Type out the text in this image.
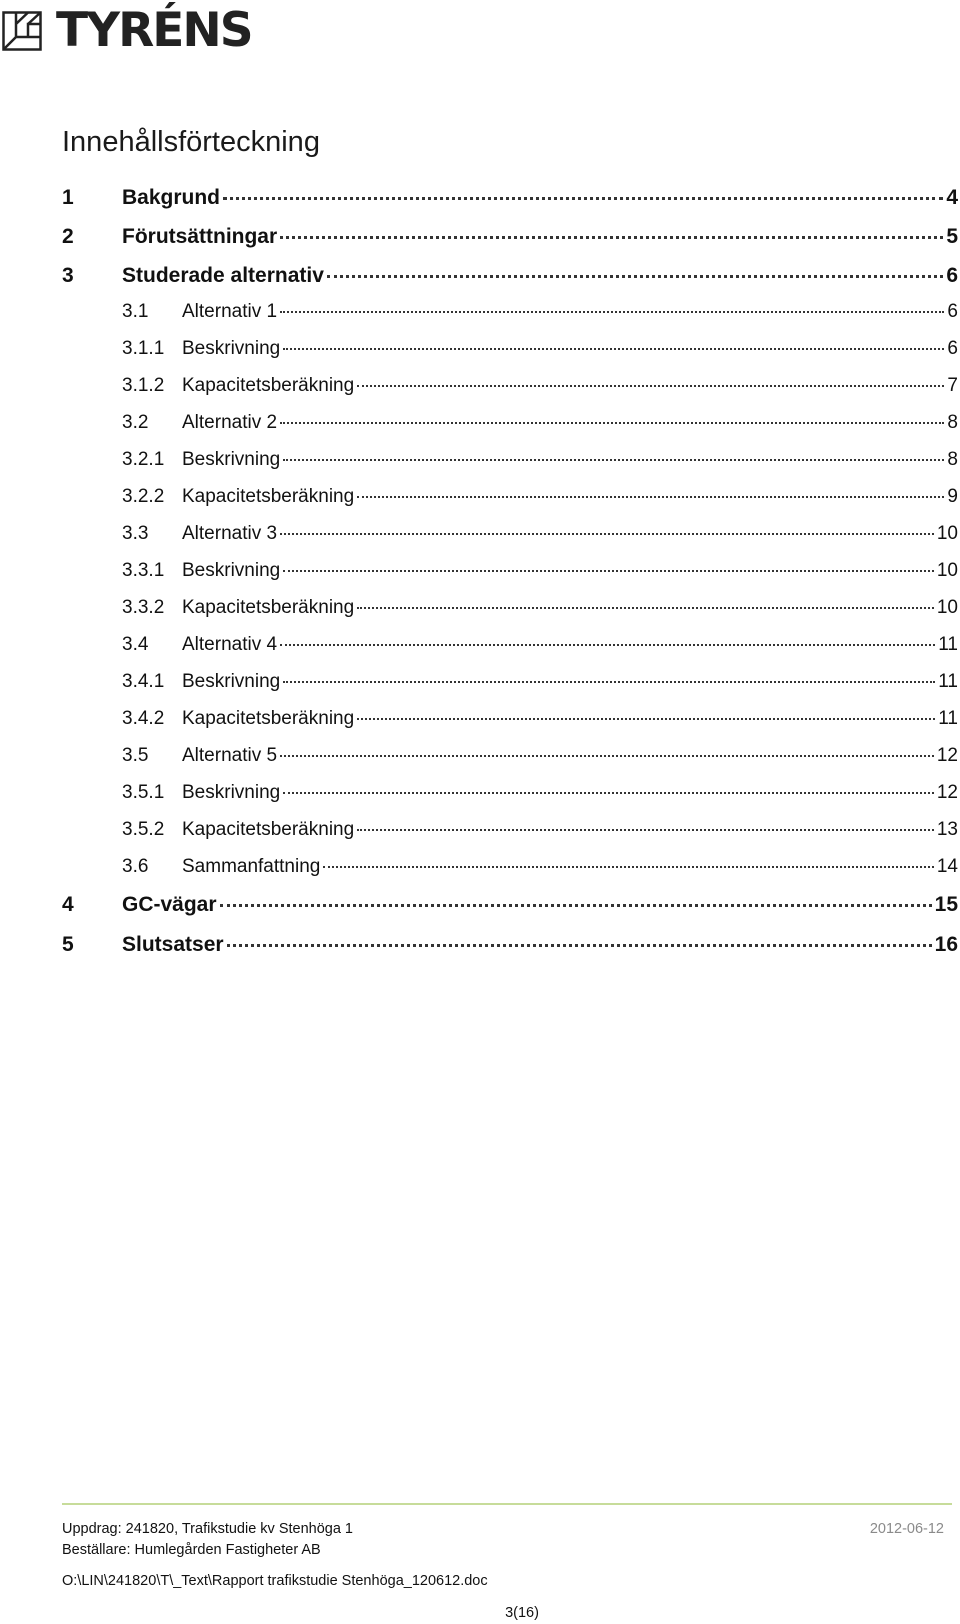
TYRÉNS
Innehållsförteckning
1	Bakgrund	4
2	Förutsättningar	5
3	Studerade alternativ	6
3.1	Alternativ 1	6
3.1.1 Beskrivning	6
3.1.2 Kapacitetsberäkning	7
3.2	Alternativ 2	8
3.2.1 Beskrivning	8
3.2.2 Kapacitetsberäkning	9
3.3	Alternativ 3	10
3.3.1 Beskrivning	10
3.3.2 Kapacitetsberäkning	10
3.4	Alternativ 4	11
3.4.1 Beskrivning	11
3.4.2 Kapacitetsberäkning	11
3.5	Alternativ 5	12
3.5.1 Beskrivning	12
3.5.2 Kapacitetsberäkning	13
3.6	Sammanfattning	14
4	GC-vägar	15
5	Slutsatser	16
Uppdrag: 241820, Trafikstudie kv Stenhöga 1	2012-06-12
Beställare: Humlegården Fastigheter AB
O:\LIN\241820\T\_Text\Rapport trafikstudie Stenhöga_120612.doc
3(16)
